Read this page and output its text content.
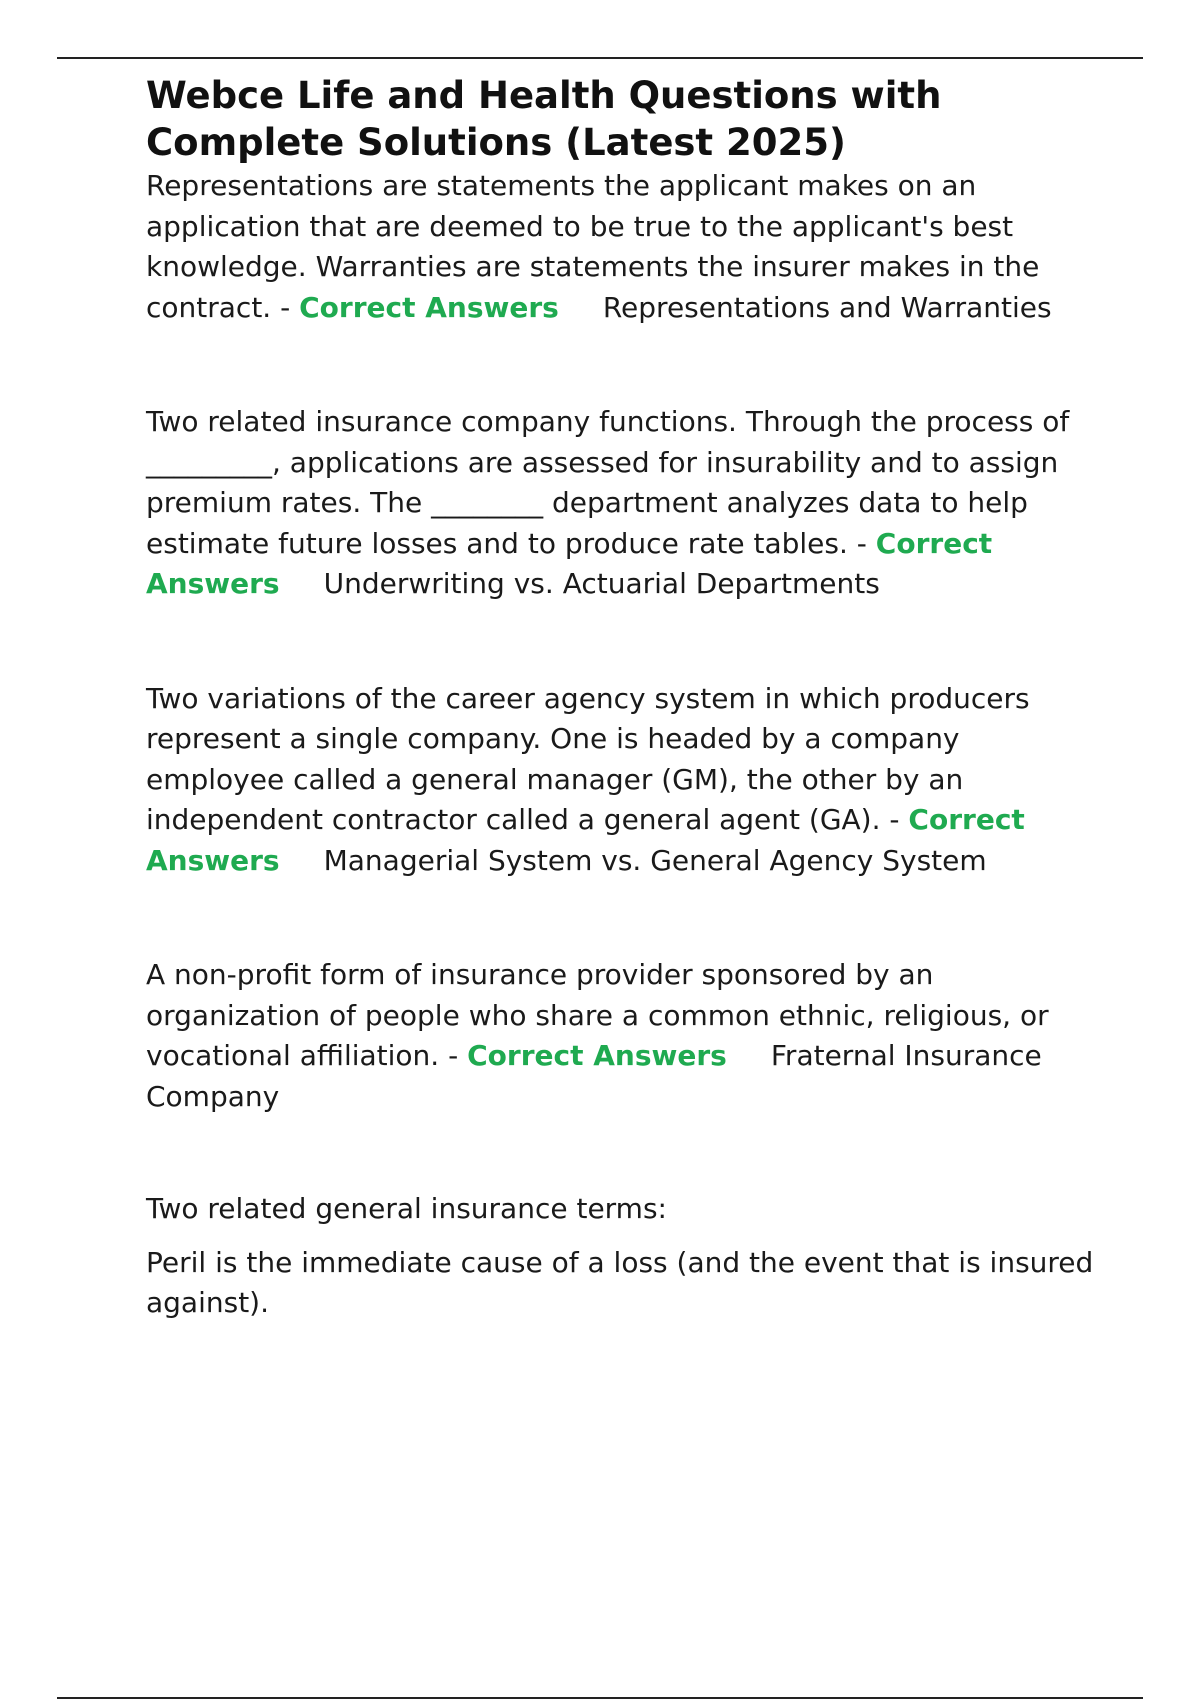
Webce Life and Health Questions with
Complete Solutions (Latest 2025)

Representations are statements the applicant makes on an application that are deemed to be true to the applicant's best knowledge. Warranties are statements the insurer makes in the contract. - Correct Answers Representations and Warranties

Two related insurance company functions. Through the process of _________, applications are assessed for insurability and to assign premium rates. The ________ department analyzes data to help estimate future losses and to produce rate tables. - Correct Answers Underwriting vs. Actuarial Departments

Two variations of the career agency system in which producers represent a single company. One is headed by a company employee called a general manager (GM), the other by an independent contractor called a general agent (GA). - Correct Answers Managerial System vs. General Agency System

A non-profit form of insurance provider sponsored by an organization of people who share a common ethnic, religious, or vocational affiliation. - Correct Answers Fraternal Insurance Company

Two related general insurance terms:

Peril is the immediate cause of a loss (and the event that is insured against).
